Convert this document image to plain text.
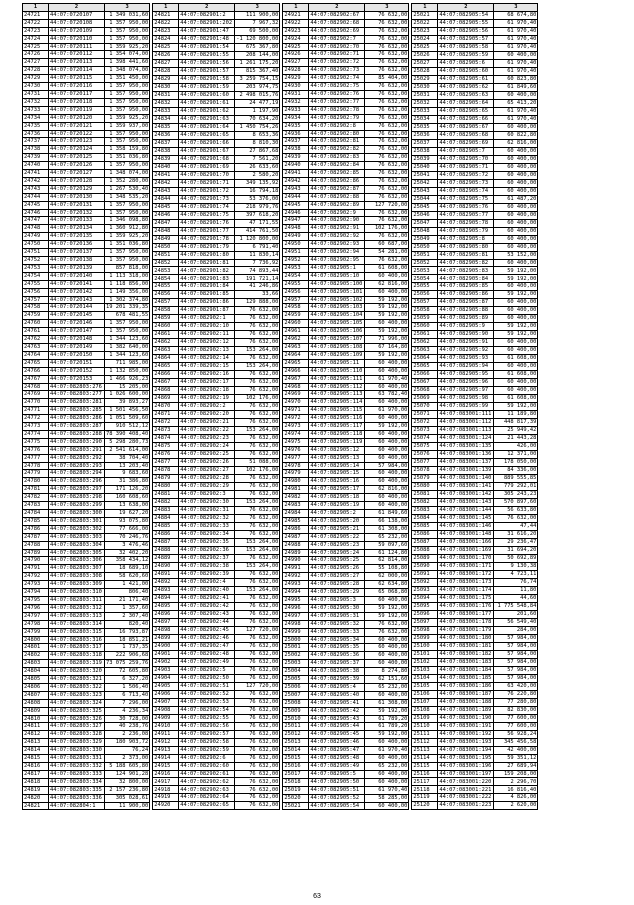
1	2	3
24721	44:07:0720107	1 349 031,60
24722	44:07:0720108	1 357 950,00
24723	44:07:0720109	1 357 950,00
24724	44:07:0720110	1 357 950,00
24725	44:07:0720111	1 359 925,20
24726	44:07:0720112	1 354 074,00
24727	44:07:0720113	1 398 441,60
24728	44:07:0720114	1 348 074,00
24729	44:07:0720115	1 351 450,00
24730	44:07:0720116	1 357 950,00
24731	44:07:0720117	1 357 950,00
24732	44:07:0720118	1 357 950,00
24733	44:07:0720119	1 357 950,00
24734	44:07:0720120	1 359 925,20
24735	44:07:0720121	1 359 937,00
24736	44:07:0720122	1 357 950,00
24737	44:07:0720123	1 357 950,00
24738	44:07:0720124	1 358 159,80
24739	44:07:0720125	1 351 036,80
24740	44:07:0720126	1 357 950,00
24741	44:07:0720127	1 348 074,00
24742	44:07:0720128	1 352 280,00
24743	44:07:0720129	1 267 530,40
24744	44:07:0720130	1 348 535,20
24745	44:07:0720131	1 357 950,00
24746	44:07:0720132	1 357 950,00
24747	44:07:0720133	1 346 098,80
24748	44:07:0720134	1 360 912,80
24749	44:07:0720135	1 359 925,20
24750	44:07:0720136	1 351 036,80
24751	44:07:0720137	1 357 950,00
24752	44:07:0720138	1 357 950,00
24753	44:07:0720139	857 818,00
24754	44:07:0720140	1 113 318,00
24755	44:07:0720141	1 118 856,00
24756	44:07:0720142	1 149 356,00
24757	44:07:0720143	1 302 374,80
24758	44:07:0720144	19 201 339,35
24759	44:07:0720145	678 481,55
24760	44:07:0720146	1 357 950,00
24761	44:07:0720147	1 357 950,00
24762	44:07:0720148	1 344 123,60
24763	44:07:0720149	1 382 640,00
24764	44:07:0720150	1 344 123,60
24765	44:07:0720151	711 985,00
24766	44:07:0720152	1 132 850,00
24767	44:07:0720153	1 466 926,23
24768	44:07:082803:276	15 205,00
24769	44:07:082803:277	1 026 600,00
24770	44:07:082803:281	39 893,27
24771	44:07:082803:285	1 501 456,50
24772	44:07:082803:286	1 051 509,60
24773	44:07:082803:287	910 512,12
24774	44:07:082803:288	78 390 408,40
24775	44:07:082803:290	5 298 280,73
24776	44:07:082803:291	2 541 614,00
24777	44:07:082803:292	38 704,40
24778	44:07:082803:293	13 203,40
24779	44:07:082803:294	9 683,60
24780	44:07:082803:296	31 386,80
24781	44:07:082803:297	171 126,20
24782	44:07:082803:298	160 608,60
24783	44:07:082803:299	13 638,00
24784	44:07:082803:300	19 627,20
24785	44:07:082803:301	93 075,80
24786	44:07:082803:302	77 666,00
24787	44:07:082803:303	70 246,76
24788	44:07:082803:304	3 476,46
24789	44:07:082803:305	32 402,20
24790	44:07:082803:306	358 434,12
24791	44:07:082803:307	18 689,10
24792	44:07:082803:308	58 620,60
24793	44:07:082803:309	1 421,00
24794	44:07:082803:310	806,40
24795	44:07:082803:311	21 171,40
24796	44:07:082803:312	1 357,60
24797	44:07:082803:313	2 307,40
24798	44:07:082803:314	820,40
24799	44:07:082803:315	16 793,87
24800	44:07:082803:316	18 851,21
24801	44:07:082803:317	1 737,35
24802	44:07:082803:318	222 906,68
24803	44:07:082803:319	73 075 259,76
24804	44:07:082803:320	72 605,80
24805	44:07:082803:321	6 327,20
24806	44:07:082803:322	1 506,40
24807	44:07:082803:323	6 713,40
24808	44:07:082803:324	7 296,00
24809	44:07:082803:325	4 236,34
24810	44:07:082803:326	30 728,00
24811	44:07:082803:327	40 238,76
24812	44:07:082803:328	2 236,08
24813	44:07:082803:329	180 903,72
24814	44:07:082803:330	76,24
24815	44:07:082803:331	2 373,00
24816	44:07:082803:332	5 188 605,80
24817	44:07:082803:333	124 901,28
24818	44:07:082803:334	32 800,00
24819	44:07:082803:335	2 157 236,80
24820	44:07:082803:336	305 028,61
24821	44:07:082804:1	11 900,00
1	2	3
24821	44:07:082901:2	111 900,00
24822	44:07:082901:202	7 967,32
24823	44:07:082901:47	69 500,00
24824	44:07:082901:48	-1 120 800,00
24825	44:07:082901:54	675 367,80
24826	44:07:082901:55	208 144,00
24827	44:07:082901:56	1 261 175,20
24828	44:07:082901:57	815 367,40
24829	44:07:082901:58	3 259 754,15
24830	44:07:082901:59	203 974,75
24831	44:07:082901:60	2 498 015,76
24832	44:07:082901:61	24 477,19
24833	44:07:082901:62	1 197,90
24834	44:07:082901:63	70 634,20
24835	44:07:082901:64	1 450 754,26
24836	44:07:082901:65	8 653,36
24837	44:07:082901:66	8 810,30
24838	44:07:082901:67	27 867,68
24839	44:07:082901:68	7 561,20
24840	44:07:082901:69	26 633,60
24841	44:07:082901:70	2 580,20
24842	44:07:082901:71	349 135,92
24843	44:07:082901:72	16 794,18
24844	44:07:082901:73	53 376,00
24845	44:07:082901:74	218 979,76
24846	44:07:082901:75	397 618,20
24847	44:07:082901:76	47 171,55
24848	44:07:082901:77	414 761,50
24849	44:07:082901:78	1 120 800,00
24850	44:07:082901:79	6 791,40
24851	44:07:082901:80	11 830,14
24852	44:07:082901:81	7 736,92
24853	44:07:082901:82	74 893,44
24854	44:07:082901:83	191 721,14
24855	44:07:082901:84	41 246,86
24856	44:07:082901:85	33,66
24857	44:07:082901:86	129 888,00
24858	44:07:082901:87	76 632,00
24859	44:07:082902:1	76 632,00
24860	44:07:082902:10	76 632,00
24861	44:07:082902:11	76 632,00
24862	44:07:082902:12	76 632,00
24863	44:07:082902:13	153 264,00
24864	44:07:082902:14	76 632,00
24865	44:07:082902:15	153 264,00
24866	44:07:082902:16	76 632,00
24867	44:07:082902:17	76 632,00
24868	44:07:082902:18	76 632,00
24869	44:07:082902:19	102 176,00
24870	44:07:082902:2	76 632,00
24871	44:07:082902:20	76 632,00
24872	44:07:082902:21	76 632,00
24873	44:07:082902:22	153 264,00
24874	44:07:082902:23	76 632,00
24875	44:07:082902:24	76 632,00
24876	44:07:082902:25	76 632,00
24877	44:07:082902:26	51 088,00
24878	44:07:082902:27	102 176,00
24879	44:07:082902:28	76 632,00
24880	44:07:082902:29	76 632,00
24881	44:07:082902:3	76 632,00
24882	44:07:082902:30	153 264,00
24883	44:07:082902:31	76 632,00
24884	44:07:082902:32	76 632,00
24885	44:07:082902:33	76 632,00
24886	44:07:082902:34	76 632,00
24887	44:07:082902:35	153 264,00
24888	44:07:082902:36	153 264,00
24889	44:07:082902:37	76 632,00
24890	44:07:082902:38	153 264,00
24891	44:07:082902:39	76 632,00
24892	44:07:082902:4	76 632,00
24893	44:07:082902:40	153 264,00
24894	44:07:082902:41	76 632,00
24895	44:07:082902:42	76 632,00
24896	44:07:082902:43	76 632,00
24897	44:07:082902:44	76 632,00
24898	44:07:082902:45	127 720,00
24899	44:07:082902:46	76 632,00
24900	44:07:082902:47	76 632,00
24901	44:07:082902:48	76 632,00
24902	44:07:082902:49	76 632,00
24903	44:07:082902:5	76 632,00
24904	44:07:082902:50	76 632,00
24905	44:07:082902:51	127 720,00
24906	44:07:082902:52	76 632,00
24907	44:07:082902:53	76 632,00
24908	44:07:082902:54	76 632,00
24909	44:07:082902:55	76 632,00
24910	44:07:082902:56	76 632,00
24911	44:07:082902:57	76 632,00
24912	44:07:082902:58	76 632,00
24913	44:07:082902:59	76 632,00
24914	44:07:082902:6	76 632,00
24915	44:07:082902:60	76 632,00
24916	44:07:082902:61	76 632,00
24917	44:07:082902:62	76 632,00
24918	44:07:082902:63	76 632,00
24919	44:07:082902:64	76 632,00
24920	44:07:082902:65	76 632,00
1	2	3
24921	44:07:082902:67	76 632,00
24922	44:07:082902:68	76 632,00
24923	44:07:082902:69	76 632,00
24924	44:07:082902:7	76 632,00
24925	44:07:082902:70	76 632,00
24926	44:07:082902:71	76 632,00
24927	44:07:082902:72	76 632,00
24928	44:07:082902:73	76 632,00
24929	44:07:082902:74	85 404,00
24930	44:07:082902:75	76 632,00
24931	44:07:082902:76	76 632,00
24932	44:07:082902:77	76 632,00
24933	44:07:082902:78	76 632,00
24934	44:07:082902:79	76 632,00
24935	44:07:082902:8	76 632,00
24936	44:07:082902:80	76 632,00
24937	44:07:082902:81	76 632,00
24938	44:07:082902:82	76 632,00
24939	44:07:082902:83	76 632,00
24940	44:07:082902:84	76 632,00
24941	44:07:082902:85	76 632,00
24942	44:07:082902:86	76 632,00
24943	44:07:082902:87	76 632,00
24944	44:07:082902:88	76 632,00
24945	44:07:082902:89	127 720,00
24946	44:07:082902:9	76 632,00
24947	44:07:082902:90	76 632,00
24948	44:07:082902:91	102 176,00
24949	44:07:082902:92	76 632,00
24950	44:07:082902:93	60 687,00
24951	44:07:082902:94	54 281,00
24952	44:07:082902:95	76 632,00
24953	44:07:082905:1	61 608,00
24954	44:07:082905:10	60 400,00
24955	44:07:082905:100	62 816,00
24956	44:07:082905:101	60 400,00
24957	44:07:082905:102	59 192,00
24958	44:07:082905:103	59 192,00
24959	44:07:082905:104	59 192,00
24960	44:07:082905:105	60 400,00
24961	44:07:082905:106	59 192,00
24962	44:07:082905:107	71 996,00
24963	44:07:082905:108	67 164,80
24964	44:07:082905:109	59 192,00
24965	44:07:082905:11	60 400,00
24966	44:07:082905:110	60 400,00
24967	44:07:082905:111	61 970,40
24968	44:07:082905:112	60 400,00
24969	44:07:082905:113	63 782,40
24970	44:07:082905:114	60 400,00
24971	44:07:082905:115	61 970,00
24972	44:07:082905:116	60 400,00
24973	44:07:082905:117	59 192,00
24974	44:07:082905:118	60 400,00
24975	44:07:082905:119	60 400,00
24976	44:07:082905:12	60 400,00
24977	44:07:082905:13	60 400,00
24978	44:07:082905:14	57 984,00
24979	44:07:082905:15	60 400,00
24980	44:07:082905:16	60 400,00
24981	44:07:082905:17	62 816,00
24982	44:07:082905:18	60 400,00
24983	44:07:082905:19	60 400,00
24984	44:07:082905:2	61 849,60
24985	44:07:082905:20	66 138,00
24986	44:07:082905:21	61 308,00
24987	44:07:082905:22	65 232,00
24988	44:07:082905:23	59 097,60
24989	44:07:082905:24	61 124,80
24990	44:07:082905:25	62 814,00
24991	44:07:082905:26	55 108,80
24992	44:07:082905:27	62 000,00
24993	44:07:082905:28	62 634,80
24994	44:07:082905:29	65 068,80
24995	44:07:082905:3	60 400,00
24996	44:07:082905:30	59 192,00
24997	44:07:082905:31	59 192,00
24998	44:07:082905:32	76 632,00
24999	44:07:082905:33	76 632,00
25000	44:07:082905:34	60 400,00
25001	44:07:082905:35	60 400,00
25002	44:07:082905:36	60 400,00
25003	44:07:082905:37	60 400,00
25004	44:07:082905:38	8 274,80
25005	44:07:082905:39	62 151,60
25006	44:07:082905:4	65 232,00
25007	44:07:082905:40	60 400,00
25008	44:07:082905:41	61 308,00
25009	44:07:082905:42	59 192,00
25010	44:07:082905:43	61 789,20
25011	44:07:082905:44	61 789,20
25012	44:07:082905:45	59 192,00
25013	44:07:082905:46	60 400,00
25014	44:07:082905:47	61 970,40
25015	44:07:082905:48	60 400,00
25016	44:07:082905:49	65 232,00
25017	44:07:082905:5	60 400,00
25018	44:07:082905:50	60 400,00
25019	44:07:082905:51	61 970,40
25020	44:07:082905:52	58 285,00
25021	44:07:082905:54	60 400,00
1	2	3
25021	44:07:082905:54	68 674,80
25022	44:07:082905:55	61 970,40
25023	44:07:082905:56	61 970,40
25024	44:07:082905:57	61 970,40
25025	44:07:082905:58	61 970,40
25026	44:07:082905:59	60 400,00
25027	44:07:082905:6	61 970,40
25028	44:07:082905:60	61 970,40
25029	44:07:082905:61	60 823,80
25030	44:07:082905:62	61 849,60
25031	44:07:082905:63	60 400,00
25032	44:07:082905:64	65 413,20
25033	44:07:082905:65	61 970,40
25034	44:07:082905:66	61 970,40
25035	44:07:082905:67	60 400,00
25036	44:07:082905:68	60 822,80
25037	44:07:082905:69	62 816,00
25038	44:07:082905:7	60 400,00
25039	44:07:082905:70	60 400,00
25040	44:07:082905:71	60 400,00
25041	44:07:082905:72	60 400,00
25042	44:07:082905:73	60 400,00
25043	44:07:082905:74	60 400,00
25044	44:07:082905:75	61 487,20
25045	44:07:082905:76	60 400,00
25046	44:07:082905:77	60 400,00
25047	44:07:082905:78	60 400,00
25048	44:07:082905:79	60 400,00
25049	44:07:082905:8	60 400,00
25050	44:07:082905:80	60 400,00
25051	44:07:082905:81	53 152,00
25052	44:07:082905:82	60 400,00
25053	44:07:082905:83	59 192,00
25054	44:07:082905:84	59 192,00
25055	44:07:082905:85	60 400,00
25056	44:07:082905:86	59 192,00
25057	44:07:082905:87	60 400,00
25058	44:07:082905:88	60 400,00
25059	44:07:082905:89	60 400,00
25060	44:07:082905:9	59 192,00
25061	44:07:082905:90	59 192,00
25062	44:07:082905:91	60 400,00
25063	44:07:082905:92	60 400,00
25064	44:07:082905:93	61 608,00
25065	44:07:082905:94	60 400,00
25066	44:07:082905:95	61 608,00
25067	44:07:082905:96	60 400,00
25068	44:07:082905:97	60 400,00
25069	44:07:082905:98	61 608,00
25070	44:07:082905:99	59 192,00
25071	44:07:083001:111	11 189,80
25072	44:07:083001:112	448 817,39
25073	44:07:083001:113	25 949,42
25074	44:07:083001:124	21 443,28
25075	44:07:083001:135	426,00
25076	44:07:083001:136	12 371,00
25077	44:07:083001:137	178 050,00
25078	44:07:083001:139	84 336,00
25079	44:07:083001:140	889 555,85
25080	44:07:083001:141	779 292,01
25081	44:07:083001:142	305 243,23
25082	44:07:083001:143	570 897,60
25083	44:07:083001:144	56 633,80
25084	44:07:083001:145	76 632,00
25085	44:07:083001:146	47,44
25086	44:07:083001:148	31 616,20
25087	44:07:083001:166	29 236,47
25088	44:07:083001:169	31 694,20
25089	44:07:083001:170	50 692,89
25090	44:07:083001:171	9 130,38
25091	44:07:083001:172	4 723,11
25092	44:07:083001:173	76,74
25093	44:07:083001:174	11,80
25094	44:07:083001:175	44,60
25095	44:07:083001:176	1 775 548,84
25096	44:07:083001:177	201,60
25097	44:07:083001:178	56 549,40
25098	44:07:083001:179	284,00
25099	44:07:083001:180	57 984,00
25100	44:07:083001:181	57 984,00
25101	44:07:083001:182	57 984,00
25102	44:07:083001:183	57 984,00
25103	44:07:083001:184	57 984,00
25104	44:07:083001:185	57 984,00
25105	44:07:083001:186	63 420,00
25106	44:07:083001:187	76 220,80
25107	44:07:083001:188	77 280,80
25108	44:07:083001:189	82 830,00
25109	44:07:083001:190	77 600,00
25110	44:07:083001:191	77 600,00
25111	44:07:083001:192	56 928,24
25112	44:07:083001:193	345 456,58
25113	44:07:083001:194	42 400,00
25114	44:07:083001:195	59 351,12
25115	44:07:083001:196	27 689,94
25116	44:07:083001:197	159 208,00
25117	44:07:083001:220	2 296,70
25118	44:07:083001:221	16 816,40
25119	44:07:083001:222	4 826,00
25120	44:07:083001:223	2 620,00
63
